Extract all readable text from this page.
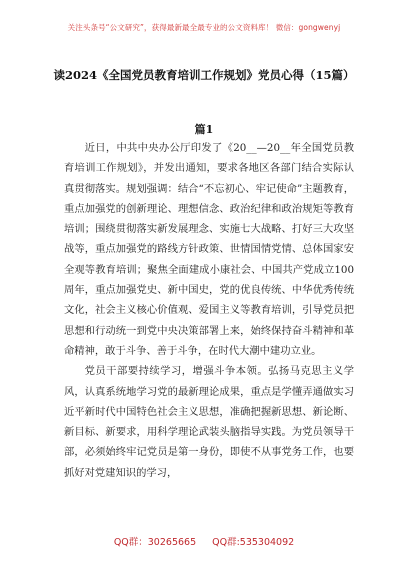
关注头条号“公文研究”，获得最新最全最专业的公文资料库！ 微信：gongwenyj
读2024《全国党员教育培训工作规划》党员心得（15篇）
篇1

近日，中共中央办公厅印发了《20__—20__年全国党员教育培训工作规划》，并发出通知，要求各地区各部门结合实际认真贯彻落实。规划强调：结合“不忘初心、牢记使命”主题教育，重点加强党的创新理论、理想信念、政治纪律和政治规矩等教育培训；围绕贯彻落实新发展理念、实施七大战略、打好三大攻坚战等，重点加强党的路线方针政策、世情国情党情、总体国家安全观等教育培训；聚焦全面建成小康社会、中国共产党成立100周年，重点加强党史、新中国史，党的优良传统、中华优秀传统文化，社会主义核心价值观、爱国主义等教育培训，引导党员把思想和行动统一到党中央决策部署上来，始终保持奋斗精神和革命精神，敢于斗争、善于斗争，在时代大潮中建功立业。

党员干部要持续学习，增强斗争本领。弘扬马克思主义学风，认真系统地学习党的最新理论成果，重点是学懂弄通做实习近平新时代中国特色社会主义思想，准确把握新思想、新论断、新目标、新要求，用科学理论武装头脑指导实践。为党员领导干部，必须始终牢记党员是第一身份，即使不从事党务工作，也要抓好对党建知识的学习，

QQ群：30265665 QQ群:535304092
